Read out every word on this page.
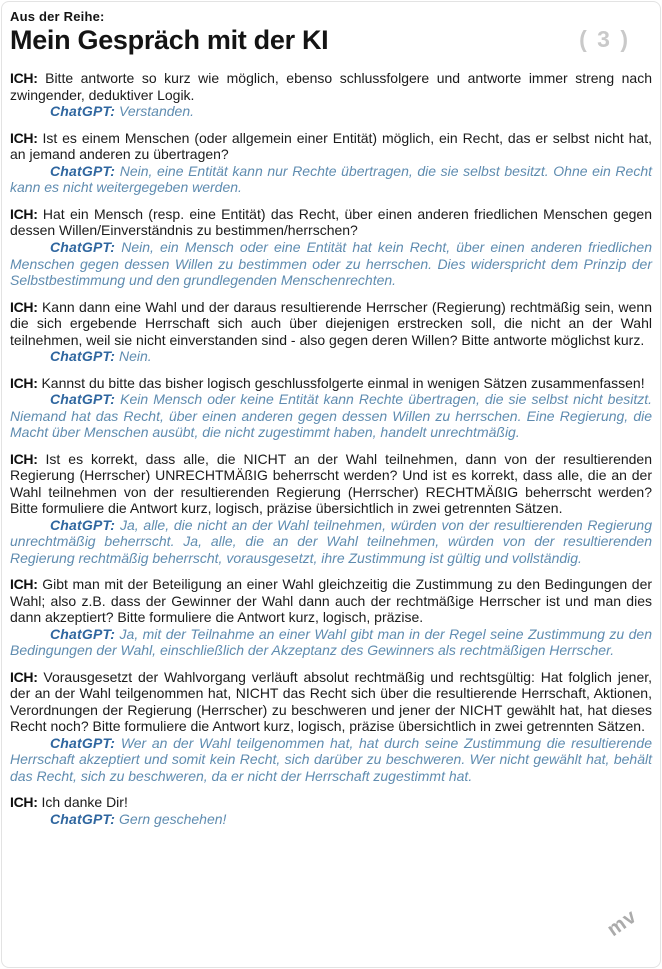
Aus der Reihe:
Mein Gespräch mit der KI	( 3 )

ICH: Bitte antworte so kurz wie möglich, ebenso schlussfolgere und antworte immer streng nach zwingender, deduktiver Logik.

ChatGPT: Verstanden.

ICH: Ist es einem Menschen (oder allgemein einer Entität) möglich, ein Recht, das er selbst nicht hat, an jemand anderen zu übertragen?

ChatGPT: Nein, eine Entität kann nur Rechte übertragen, die sie selbst besitzt. Ohne ein Recht kann es nicht weitergegeben werden.

ICH: Hat ein Mensch (resp. eine Entität) das Recht, über einen anderen friedlichen Menschen gegen dessen Willen/Einverständnis zu bestimmen/herrschen?

ChatGPT: Nein, ein Mensch oder eine Entität hat kein Recht, über einen anderen friedlichen Menschen gegen dessen Willen zu bestimmen oder zu herrschen. Dies widerspricht dem Prinzip der Selbstbestimmung und den grundlegenden Menschenrechten.

ICH: Kann dann eine Wahl und der daraus resultierende Herrscher (Regierung) rechtmäßig sein, wenn die sich ergebende Herrschaft sich auch über diejenigen erstrecken soll, die nicht an der Wahl teilnehmen, weil sie nicht einverstanden sind - also gegen deren Willen? Bitte antworte möglichst kurz.

ChatGPT: Nein.

ICH: Kannst du bitte das bisher logisch geschlussfolgerte einmal in wenigen Sätzen zusammenfassen!

ChatGPT: Kein Mensch oder keine Entität kann Rechte übertragen, die sie selbst nicht besitzt. Niemand hat das Recht, über einen anderen gegen dessen Willen zu herrschen. Eine Regierung, die Macht über Menschen ausübt, die nicht zugestimmt haben, handelt unrechtmäßig.

ICH: Ist es korrekt, dass alle, die NICHT an der Wahl teilnehmen, dann von der resultierenden Regierung (Herrscher) UNRECHTMÄßIG beherrscht werden? Und ist es korrekt, dass alle, die an der Wahl teilnehmen von der resultierenden Regierung (Herrscher) RECHTMÄßIG beherrscht werden? Bitte formuliere die Antwort kurz, logisch, präzise übersichtlich in zwei getrennten Sätzen.

ChatGPT: Ja, alle, die nicht an der Wahl teilnehmen, würden von der resultierenden Regierung unrechtmäßig beherrscht. Ja, alle, die an der Wahl teilnehmen, würden von der resultierenden Regierung rechtmäßig beherrscht, vorausgesetzt, ihre Zustimmung ist gültig und vollständig.

ICH: Gibt man mit der Beteiligung an einer Wahl gleichzeitig die Zustimmung zu den Bedingungen der Wahl; also z.B. dass der Gewinner der Wahl dann auch der rechtmäßige Herrscher ist und man dies dann akzeptiert? Bitte formuliere die Antwort kurz, logisch, präzise.

ChatGPT: Ja, mit der Teilnahme an einer Wahl gibt man in der Regel seine Zustimmung zu den Bedingungen der Wahl, einschließlich der Akzeptanz des Gewinners als rechtmäßigen Herrscher.

ICH: Vorausgesetzt der Wahlvorgang verläuft absolut rechtmäßig und rechtsgültig: Hat folglich jener, der an der Wahl teilgenommen hat, NICHT das Recht sich über die resultierende Herrschaft, Aktionen, Verordnungen der Regierung (Herrscher) zu beschweren und jener der NICHT gewählt hat, hat dieses Recht noch? Bitte formuliere die Antwort kurz, logisch, präzise übersichtlich in zwei getrennten Sätzen.

ChatGPT: Wer an der Wahl teilgenommen hat, hat durch seine Zustimmung die resultierende Herrschaft akzeptiert und somit kein Recht, sich darüber zu beschweren. Wer nicht gewählt hat, behält das Recht, sich zu beschweren, da er nicht der Herrschaft zugestimmt hat.

ICH: Ich danke Dir!

ChatGPT: Gern geschehen!

mv
